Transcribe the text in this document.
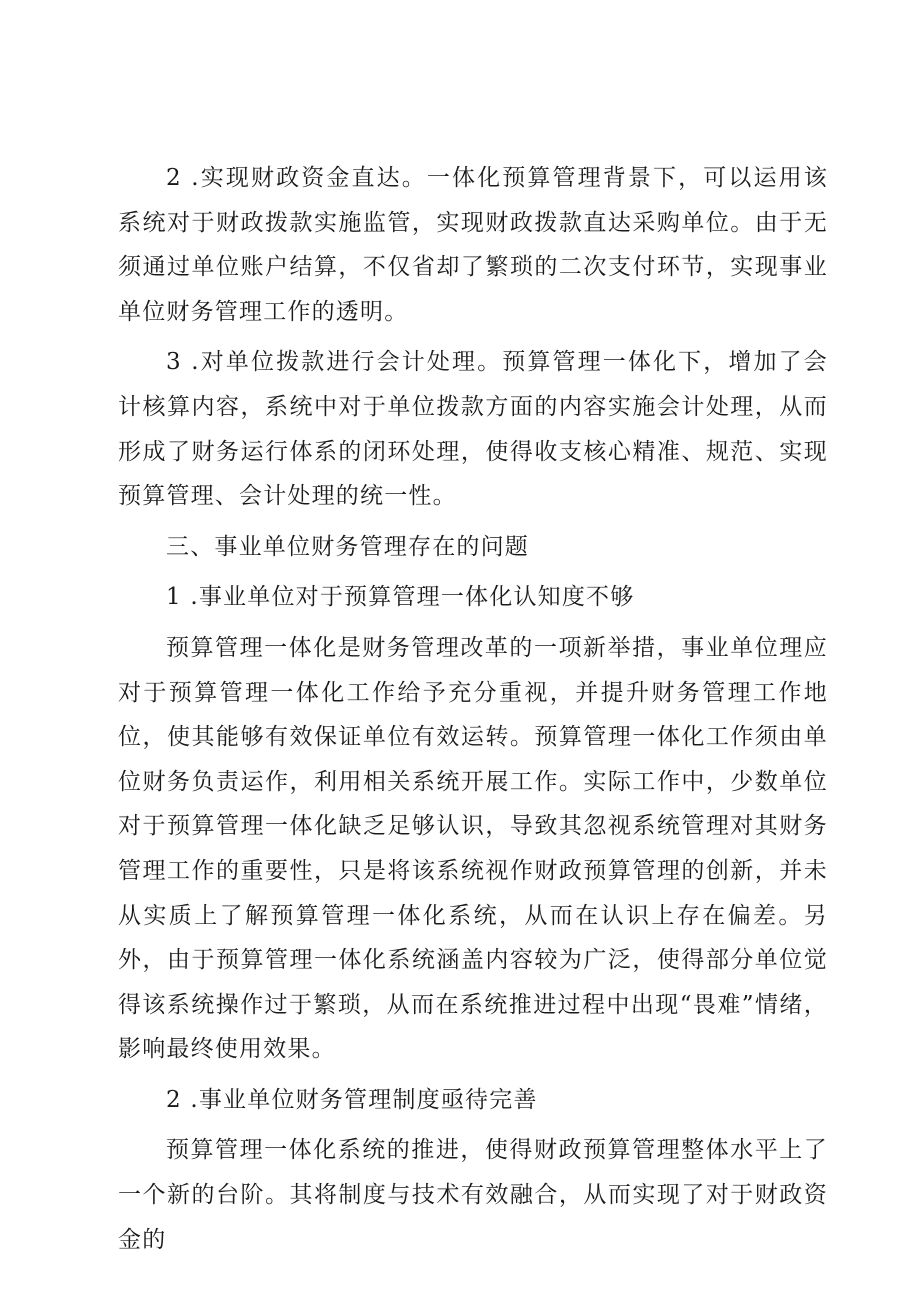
2 .实现财政资金直达。一体化预算管理背景下，可以运用该系统对于财政拨款实施监管，实现财政拨款直达采购单位。由于无须通过单位账户结算，不仅省却了繁琐的二次支付环节，实现事业单位财务管理工作的透明。

3 .对单位拨款进行会计处理。预算管理一体化下，增加了会计核算内容，系统中对于单位拨款方面的内容实施会计处理，从而形成了财务运行体系的闭环处理，使得收支核心精准、规范、实现预算管理、会计处理的统一性。

三、事业单位财务管理存在的问题

1 .事业单位对于预算管理一体化认知度不够

预算管理一体化是财务管理改革的一项新举措，事业单位理应对于预算管理一体化工作给予充分重视，并提升财务管理工作地位，使其能够有效保证单位有效运转。预算管理一体化工作须由单位财务负责运作，利用相关系统开展工作。实际工作中，少数单位对于预算管理一体化缺乏足够认识，导致其忽视系统管理对其财务管理工作的重要性，只是将该系统视作财政预算管理的创新，并未从实质上了解预算管理一体化系统，从而在认识上存在偏差。另外，由于预算管理一体化系统涵盖内容较为广泛，使得部分单位觉得该系统操作过于繁琐，从而在系统推进过程中出现“畏难”情绪，影响最终使用效果。

2 .事业单位财务管理制度亟待完善

预算管理一体化系统的推进，使得财政预算管理整体水平上了一个新的台阶。其将制度与技术有效融合，从而实现了对于财政资金的
